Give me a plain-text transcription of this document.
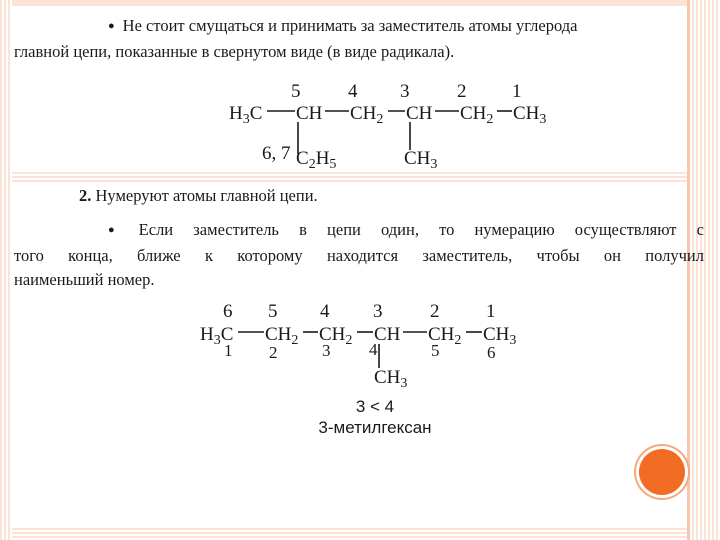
● Не стоит смущаться и принимать за заместитель атомы углерода
главной цепи, показанные в свернутом виде (в виде радикала).
5	4 3	2 1
$H_3C$ CH $CH_2$ CH $CH_2$ $CH_3$
6, 7 $C_2H_5$	$CH_3$
2. Нумеруют атомы главной цепи.
● Если заместитель в цепи один, то нумерацию осуществляют с
того конца, ближе к которому находится заместитель, чтобы он получил
наименьший номер.
6 5 4 3	2 1
$H_3C$ $CH_2$ $CH_2$ CH $CH_2$ $CH_3$
$CH_3$
1 2	3 4	5	6
3 < 4
3-метилгексан
